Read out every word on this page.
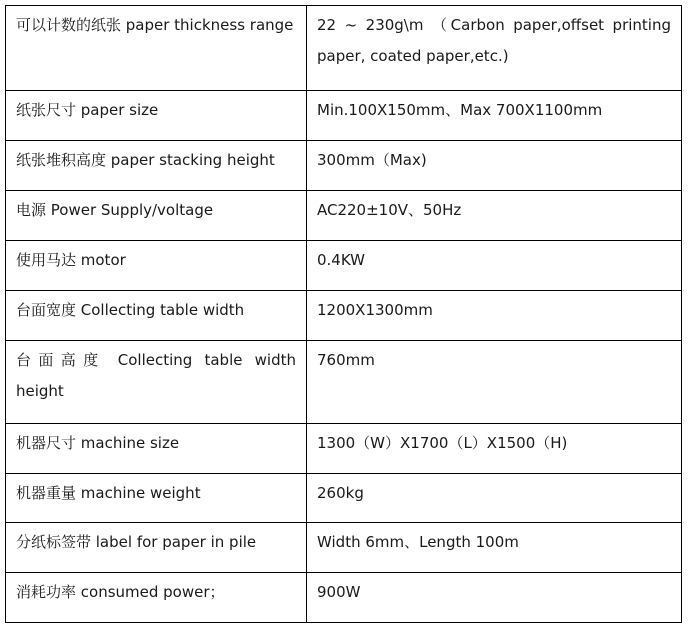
可以计数的纸张 paper thickness range	22 ~ 230g\m （Carbon paper,offset printing paper, coated paper,etc.)

纸张尺寸 paper size	Min.100X150mm、Max 700X1100mm

纸张堆积高度 paper stacking height	300mm（Max)

电源 Power Supply/voltage	AC220±10V、50Hz

使用马达 motor	0.4KW

台面宽度 Collecting table width	1200X1300mm

台面高度 Collecting table width height	760mm

机器尺寸 machine size	1300（W）X1700（L）X1500（H)

机器重量 machine weight	260kg

分纸标签带 label for paper in pile	Width 6mm、Length 100m

消耗功率 consumed power；	900W
